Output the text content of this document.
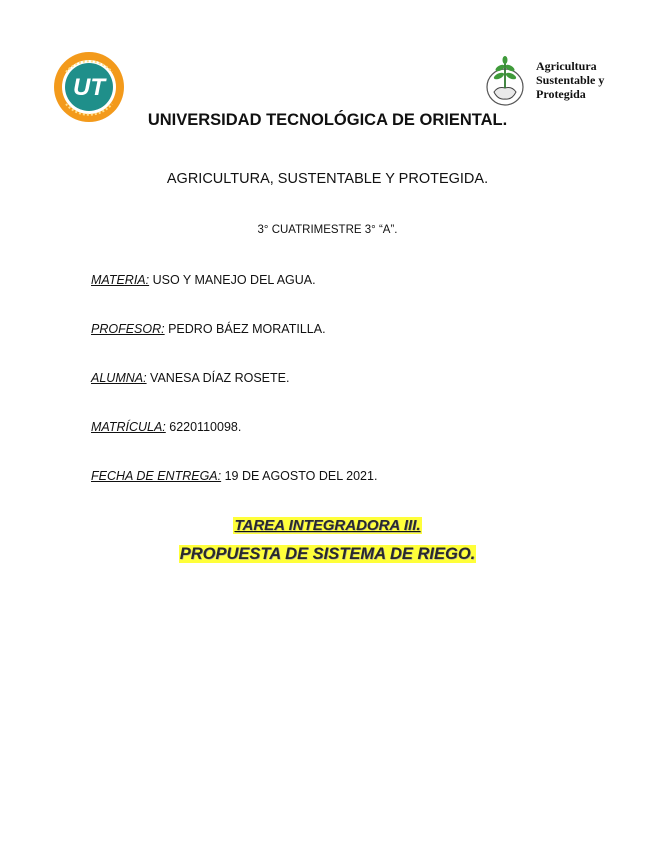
UT
Agricultura
Sustentable y
Protegida
UNIVERSIDAD TECNOLÓGICA DE ORIENTAL.
AGRICULTURA, SUSTENTABLE Y PROTEGIDA.
3° CUATRIMESTRE 3° “A”.
MATERIA: USO Y MANEJO DEL AGUA.
PROFESOR: PEDRO BÁEZ MORATILLA.
ALUMNA: VANESA DÍAZ ROSETE.
MATRÍCULA: 6220110098.
FECHA DE ENTREGA: 19 DE AGOSTO DEL 2021.
TAREA INTEGRADORA III.
PROPUESTA DE SISTEMA DE RIEGO.
